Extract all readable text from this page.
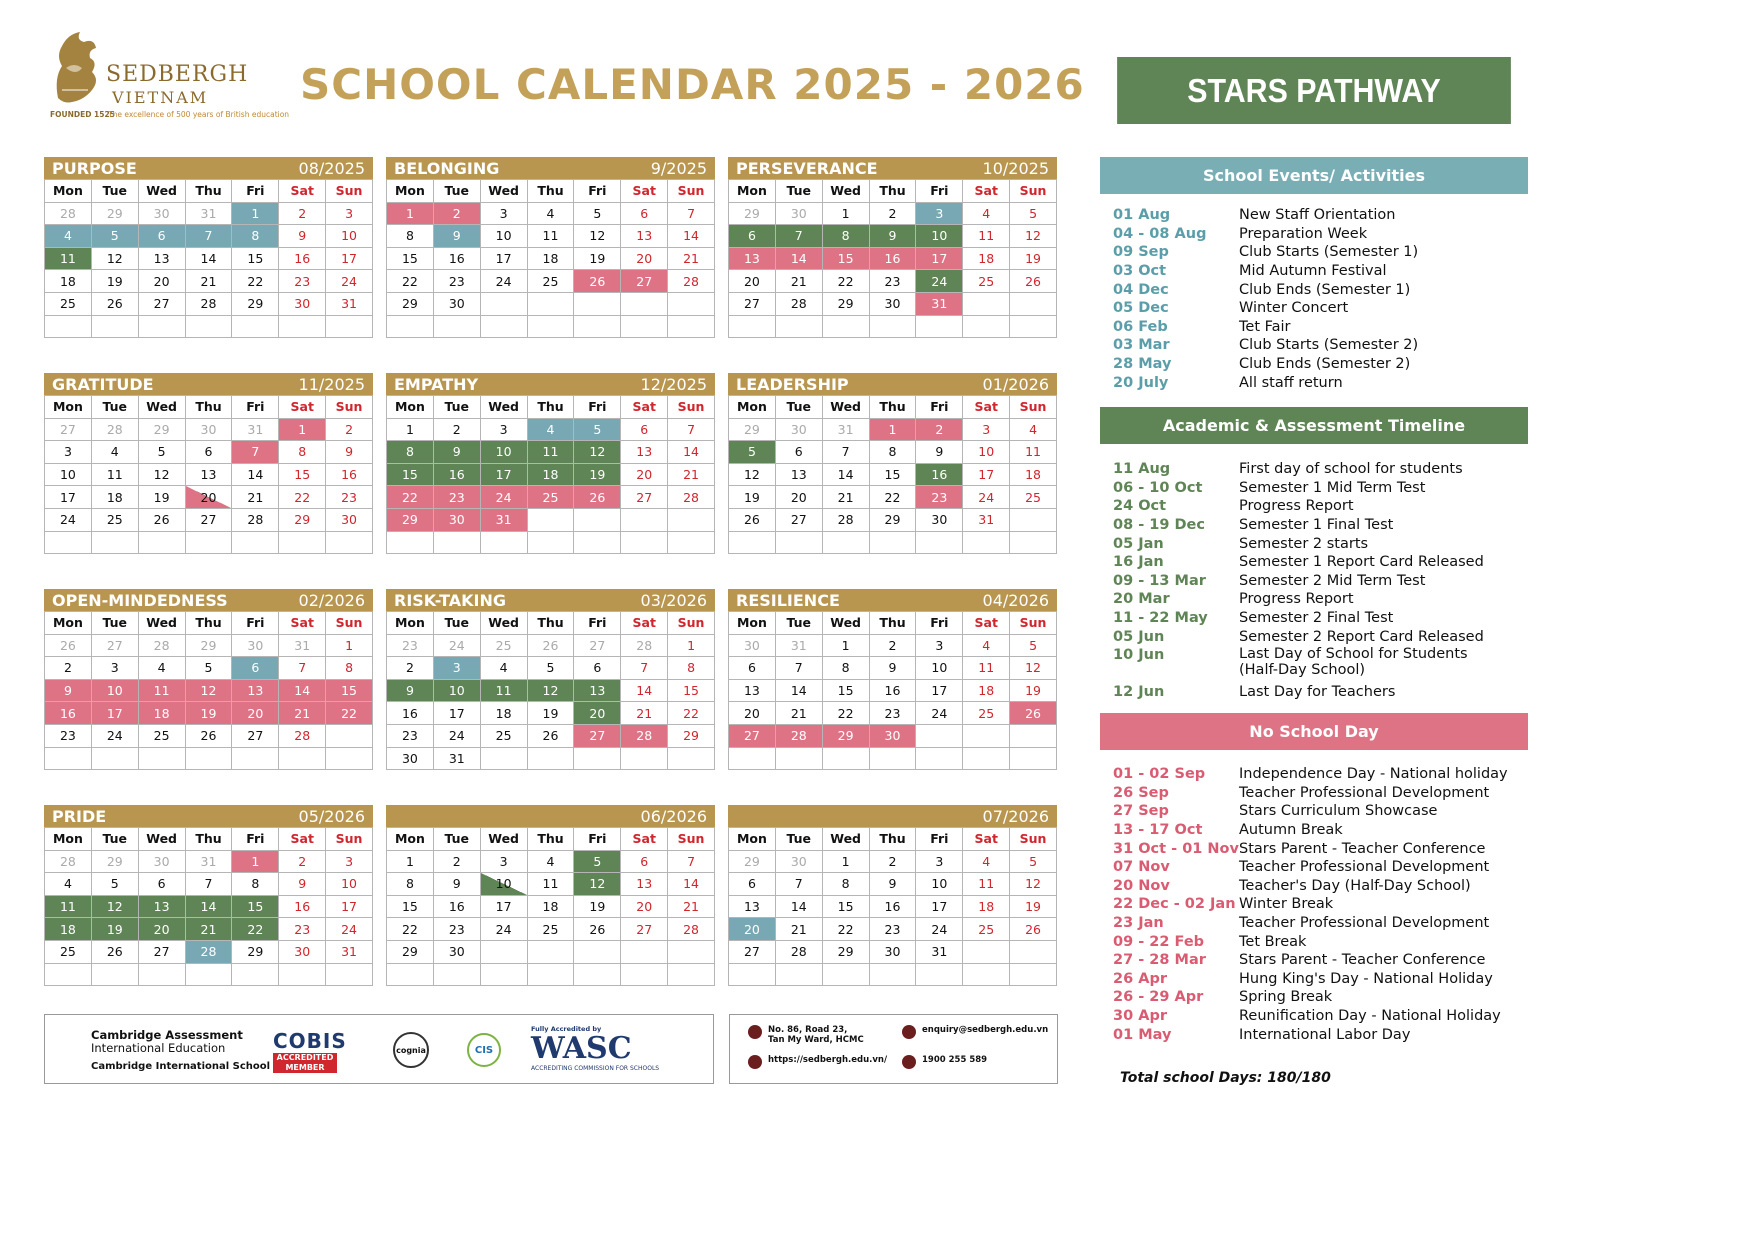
SEDBERGH
VIETNAM
FOUNDED 1525
The excellence of 500 years of British education
SCHOOL CALENDAR 2025 - 2026	STARS PATHWAY
PURPOSE	08/2025
Mon	Tue	Wed	Thu	Fri	Sat	Sun
28	29	30	31	1	2	3
4	5	6	7	8	9	10
11	12	13	14	15	16	17
18	19	20	21	22	23	24
25	26	27	28	29	30	31
BELONGING	9/2025
Mon	Tue	Wed	Thu	Fri	Sat	Sun
1	2	3	4	5	6	7
8	9	10	11	12	13	14
15	16	17	18	19	20	21
22	23	24	25	26	27	28
29	30
PERSEVERANCE	10/2025
Mon	Tue	Wed	Thu	Fri	Sat	Sun
29	30	1	2	3	4	5
6	7	8	9	10	11	12
13	14	15	16	17	18	19
20	21	22	23	24	25	26
27	28	29	30	31
GRATITUDE	11/2025
Mon	Tue	Wed	Thu	Fri	Sat	Sun
27	28	29	30	31	1	2
3	4	5	6	7	8	9
10	11	12	13	14	15	16
17	18	19	20	21	22	23
24	25	26	27	28	29	30
EMPATHY	12/2025
Mon	Tue	Wed	Thu	Fri	Sat	Sun
1	2	3	4	5	6	7
8	9	10	11	12	13	14
15	16	17	18	19	20	21
22	23	24	25	26	27	28
29	30	31
LEADERSHIP	01/2026
Mon	Tue	Wed	Thu	Fri	Sat	Sun
29	30	31	1	2	3	4
5	6	7	8	9	10	11
12	13	14	15	16	17	18
19	20	21	22	23	24	25
26	27	28	29	30	31
OPEN-MINDEDNESS	02/2026
Mon	Tue	Wed	Thu	Fri	Sat	Sun
26	27	28	29	30	31	1
2	3	4	5	6	7	8
9	10	11	12	13	14	15
16	17	18	19	20	21	22
23	24	25	26	27	28
RISK-TAKING	03/2026
Mon	Tue	Wed	Thu	Fri	Sat	Sun
23	24	25	26	27	28	1
2	3	4	5	6	7	8
9	10	11	12	13	14	15
16	17	18	19	20	21	22
23	24	25	26	27	28	29
30	31
RESILIENCE	04/2026
Mon	Tue	Wed	Thu	Fri	Sat	Sun
30	31	1	2	3	4	5
6	7	8	9	10	11	12
13	14	15	16	17	18	19
20	21	22	23	24	25	26
27	28	29	30
PRIDE	05/2026
Mon	Tue	Wed	Thu	Fri	Sat	Sun
28	29	30	31	1	2	3
4	5	6	7	8	9	10
11	12	13	14	15	16	17
18	19	20	21	22	23	24
25	26	27	28	29	30	31
06/2026
Mon	Tue	Wed	Thu	Fri	Sat	Sun
1	2	3	4	5	6	7
8	9	10	11	12	13	14
15	16	17	18	19	20	21
22	23	24	25	26	27	28
29	30
07/2026
Mon	Tue	Wed	Thu	Fri	Sat	Sun
29	30	1	2	3	4	5
6	7	8	9	10	11	12
13	14	15	16	17	18	19
20	21	22	23	24	25	26
27	28	29	30	31
School Events/ Activities
01 Aug	New Staff Orientation
04 - 08 Aug	Preparation Week
09 Sep	Club Starts (Semester 1)
03 Oct	Mid Autumn Festival
04 Dec	Club Ends (Semester 1)
05 Dec	Winter Concert
06 Feb	Tet Fair
03 Mar	Club Starts (Semester 2)
28 May	Club Ends (Semester 2)
20 July	All staff return
Academic & Assessment Timeline
11 Aug	First day of school for students
06 - 10 Oct	Semester 1 Mid Term Test
24 Oct	Progress Report
08 - 19 Dec	Semester 1 Final Test
05 Jan	Semester 2 starts
16 Jan	Semester 1 Report Card Released
09 - 13 Mar	Semester 2 Mid Term Test
20 Mar	Progress Report
11 - 22 May	Semester 2 Final Test
05 Jun	Semester 2 Report Card Released
10 Jun	Last Day of School for Students
(Half-Day School)
12 Jun	Last Day for Teachers
No School Day
01 - 02 Sep	Independence Day - National holiday
26 Sep	Teacher Professional Development
27 Sep	Stars Curriculum Showcase
13 - 17 Oct	Autumn Break
31 Oct - 01 Nov Stars Parent - Teacher Conference
07 Nov	Teacher Professional Development
20 Nov	Teacher's Day (Half-Day School)
22 Dec - 02 Jan Winter Break
23 Jan	Teacher Professional Development
09 - 22 Feb	Tet Break
27 - 28 Mar	Stars Parent - Teacher Conference
26 Apr	Hung King's Day - National Holiday
26 - 29 Apr	Spring Break
30 Apr	Reunification Day - National Holiday
01 May	International Labor Day
Total school Days: 180/180
Cambridge Assessment
International Education
Cambridge International School
COBIS
ACCREDITED MEMBER
cognia	CIS
Fully Accredited by
WASC
ACCREDITING COMMISSION FOR SCHOOLS
No. 86, Road 23,
Tan My Ward, HCMC
https://sedbergh.edu.vn/
enquiry@sedbergh.edu.vn
1900 255 589
